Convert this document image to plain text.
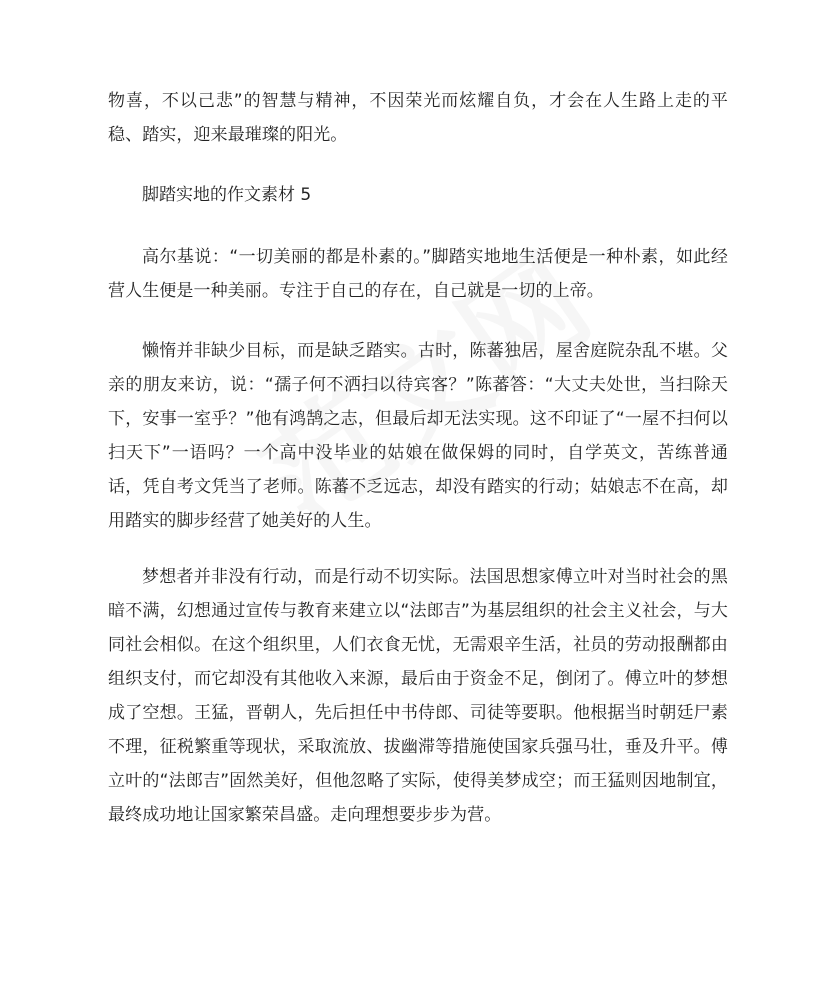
物喜，不以己悲”的智慧与精神，不因荣光而炫耀自负，才会在人生路上走的平稳、踏实，迎来最璀璨的阳光。

脚踏实地的作文素材 5

高尔基说：“一切美丽的都是朴素的。”脚踏实地地生活便是一种朴素，如此经营人生便是一种美丽。专注于自己的存在，自己就是一切的上帝。

懒惰并非缺少目标，而是缺乏踏实。古时，陈蕃独居，屋舍庭院杂乱不堪。父亲的朋友来访，说：“孺子何不洒扫以待宾客？”陈蕃答：“大丈夫处世，当扫除天下，安事一室乎？”他有鸿鹄之志，但最后却无法实现。这不印证了“一屋不扫何以扫天下”一语吗？一个高中没毕业的姑娘在做保姆的同时，自学英文，苦练普通话，凭自考文凭当了老师。陈蕃不乏远志，却没有踏实的行动；姑娘志不在高，却用踏实的脚步经营了她美好的人生。

梦想者并非没有行动，而是行动不切实际。法国思想家傅立叶对当时社会的黑暗不满，幻想通过宣传与教育来建立以“法郎吉”为基层组织的社会主义社会，与大同社会相似。在这个组织里，人们衣食无忧，无需艰辛生活，社员的劳动报酬都由组织支付，而它却没有其他收入来源，最后由于资金不足，倒闭了。傅立叶的梦想成了空想。王猛，晋朝人，先后担任中书侍郎、司徒等要职。他根据当时朝廷尸素不理，征税繁重等现状，采取流放、拔幽滞等措施使国家兵强马壮，垂及升平。傅立叶的“法郎吉”固然美好，但他忽略了实际，使得美梦成空；而王猛则因地制宜，最终成功地让国家繁荣昌盛。走向理想要步步为营。
